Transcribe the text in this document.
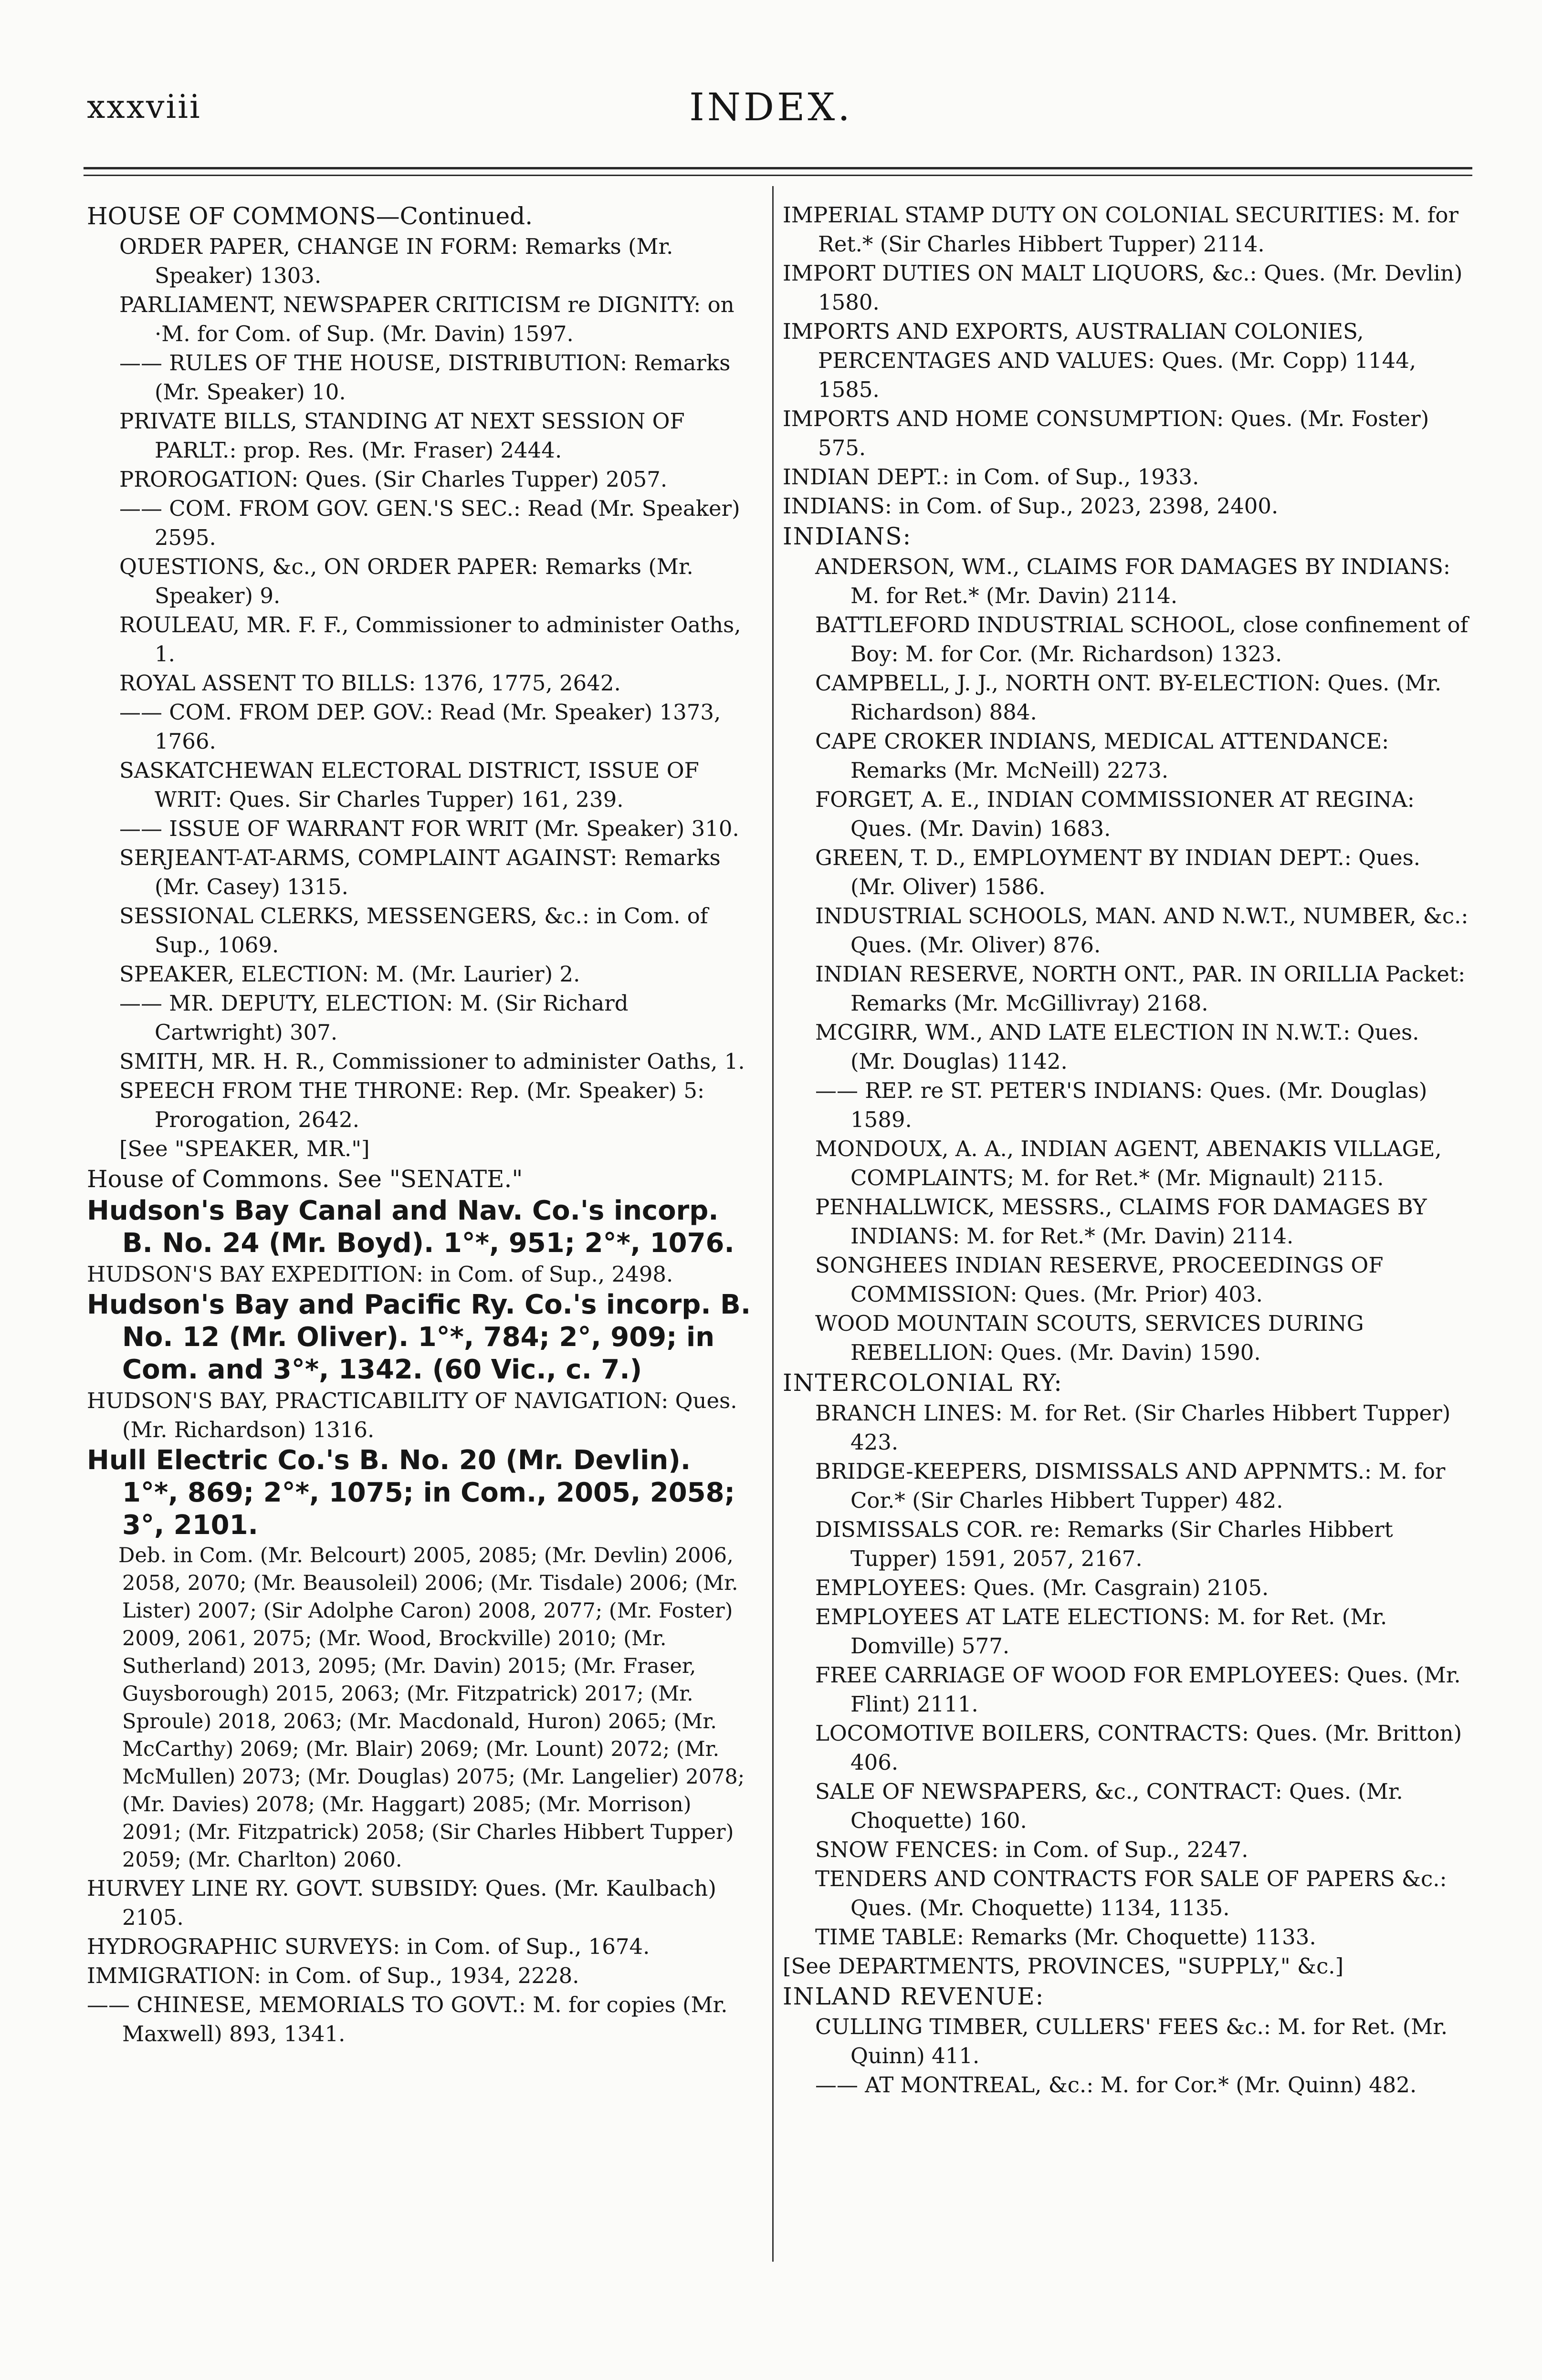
xxxviii	INDEX.
HOUSE OF COMMONS—Continued.
ORDER PAPER, CHANGE IN FORM: Remarks (Mr. Speaker) 1303.
PARLIAMENT, NEWSPAPER CRITICISM re DIGNITY: on ·M. for Com. of Sup. (Mr. Davin) 1597.
—— RULES OF THE HOUSE, DISTRIBUTION: Remarks (Mr. Speaker) 10.
PRIVATE BILLS, STANDING AT NEXT SESSION OF PARLT.: prop. Res. (Mr. Fraser) 2444.
PROROGATION: Ques. (Sir Charles Tupper) 2057.
—— COM. FROM GOV. GEN.'S SEC.: Read (Mr. Speaker) 2595.
QUESTIONS, &c., ON ORDER PAPER: Remarks (Mr. Speaker) 9.
ROULEAU, MR. F. F., Commissioner to administer Oaths, 1.
ROYAL ASSENT TO BILLS: 1376, 1775, 2642.
—— COM. FROM DEP. GOV.: Read (Mr. Speaker) 1373, 1766.
SASKATCHEWAN ELECTORAL DISTRICT, ISSUE OF WRIT: Ques. Sir Charles Tupper) 161, 239.
—— ISSUE OF WARRANT FOR WRIT (Mr. Speaker) 310.
SERJEANT-AT-ARMS, COMPLAINT AGAINST: Remarks (Mr. Casey) 1315.
SESSIONAL CLERKS, MESSENGERS, &c.: in Com. of Sup., 1069.
SPEAKER, ELECTION: M. (Mr. Laurier) 2.
—— MR. DEPUTY, ELECTION: M. (Sir Richard Cartwright) 307.
SMITH, MR. H. R., Commissioner to administer Oaths, 1.
SPEECH FROM THE THRONE: Rep. (Mr. Speaker) 5: Prorogation, 2642.
[See "SPEAKER, MR."]
House of Commons. See "SENATE."
Hudson's Bay Canal and Nav. Co.'s incorp. B. No. 24 (Mr. Boyd). 1°*, 951; 2°*, 1076.
HUDSON'S BAY EXPEDITION: in Com. of Sup., 2498.
Hudson's Bay and Pacific Ry. Co.'s incorp. B. No. 12 (Mr. Oliver). 1°*, 784; 2°, 909; in Com. and 3°*, 1342. (60 Vic., c. 7.)
HUDSON'S BAY, PRACTICABILITY OF NAVIGATION: Ques. (Mr. Richardson) 1316.
Hull Electric Co.'s B. No. 20 (Mr. Devlin). 1°*, 869; 2°*, 1075; in Com., 2005, 2058; 3°, 2101.
Deb. in Com. (Mr. Belcourt) 2005, 2085; (Mr. Devlin) 2006, 2058, 2070; (Mr. Beausoleil) 2006; (Mr. Tisdale) 2006; (Mr. Lister) 2007; (Sir Adolphe Caron) 2008, 2077; (Mr. Foster) 2009, 2061, 2075; (Mr. Wood, Brockville) 2010; (Mr. Sutherland) 2013, 2095; (Mr. Davin) 2015; (Mr. Fraser, Guysborough) 2015, 2063; (Mr. Fitzpatrick) 2017; (Mr. Sproule) 2018, 2063; (Mr. Macdonald, Huron) 2065; (Mr. McCarthy) 2069; (Mr. Blair) 2069; (Mr. Lount) 2072; (Mr. McMullen) 2073; (Mr. Douglas) 2075; (Mr. Langelier) 2078; (Mr. Davies) 2078; (Mr. Haggart) 2085; (Mr. Morrison) 2091; (Mr. Fitzpatrick) 2058; (Sir Charles Hibbert Tupper) 2059; (Mr. Charlton) 2060.
HURVEY LINE RY. GOVT. SUBSIDY: Ques. (Mr. Kaulbach) 2105.
HYDROGRAPHIC SURVEYS: in Com. of Sup., 1674.
IMMIGRATION: in Com. of Sup., 1934, 2228.
—— CHINESE, MEMORIALS TO GOVT.: M. for copies (Mr. Maxwell) 893, 1341.
IMPERIAL STAMP DUTY ON COLONIAL SECURITIES: M. for Ret.* (Sir Charles Hibbert Tupper) 2114.
IMPORT DUTIES ON MALT LIQUORS, &c.: Ques. (Mr. Devlin) 1580.
IMPORTS AND EXPORTS, AUSTRALIAN COLONIES, PERCENTAGES AND VALUES: Ques. (Mr. Copp) 1144, 1585.
IMPORTS AND HOME CONSUMPTION: Ques. (Mr. Foster) 575.
INDIAN DEPT.: in Com. of Sup., 1933.
INDIANS: in Com. of Sup., 2023, 2398, 2400.
INDIANS:
ANDERSON, WM., CLAIMS FOR DAMAGES BY INDIANS: M. for Ret.* (Mr. Davin) 2114.
BATTLEFORD INDUSTRIAL SCHOOL, close confinement of Boy: M. for Cor. (Mr. Richardson) 1323.
CAMPBELL, J. J., NORTH ONT. BY-ELECTION: Ques. (Mr. Richardson) 884.
CAPE CROKER INDIANS, MEDICAL ATTENDANCE: Remarks (Mr. McNeill) 2273.
FORGET, A. E., INDIAN COMMISSIONER AT REGINA: Ques. (Mr. Davin) 1683.
GREEN, T. D., EMPLOYMENT BY INDIAN DEPT.: Ques. (Mr. Oliver) 1586.
INDUSTRIAL SCHOOLS, MAN. AND N.W.T., NUMBER, &c.: Ques. (Mr. Oliver) 876.
INDIAN RESERVE, NORTH ONT., PAR. IN ORILLIA Packet: Remarks (Mr. McGillivray) 2168.
MCGIRR, WM., AND LATE ELECTION IN N.W.T.: Ques. (Mr. Douglas) 1142.
—— REP. re ST. PETER'S INDIANS: Ques. (Mr. Douglas) 1589.
MONDOUX, A. A., INDIAN AGENT, ABENAKIS VILLAGE, COMPLAINTS; M. for Ret.* (Mr. Mignault) 2115.
PENHALLWICK, MESSRS., CLAIMS FOR DAMAGES BY INDIANS: M. for Ret.* (Mr. Davin) 2114.
SONGHEES INDIAN RESERVE, PROCEEDINGS OF COMMISSION: Ques. (Mr. Prior) 403.
WOOD MOUNTAIN SCOUTS, SERVICES DURING REBELLION: Ques. (Mr. Davin) 1590.
INTERCOLONIAL RY:
BRANCH LINES: M. for Ret. (Sir Charles Hibbert Tupper) 423.
BRIDGE-KEEPERS, DISMISSALS AND APPNMTS.: M. for Cor.* (Sir Charles Hibbert Tupper) 482.
DISMISSALS COR. re: Remarks (Sir Charles Hibbert Tupper) 1591, 2057, 2167.
EMPLOYEES: Ques. (Mr. Casgrain) 2105.
EMPLOYEES AT LATE ELECTIONS: M. for Ret. (Mr. Domville) 577.
FREE CARRIAGE OF WOOD FOR EMPLOYEES: Ques. (Mr. Flint) 2111.
LOCOMOTIVE BOILERS, CONTRACTS: Ques. (Mr. Britton) 406.
SALE OF NEWSPAPERS, &c., CONTRACT: Ques. (Mr. Choquette) 160.
SNOW FENCES: in Com. of Sup., 2247.
TENDERS AND CONTRACTS FOR SALE OF PAPERS &c.: Ques. (Mr. Choquette) 1134, 1135.
TIME TABLE: Remarks (Mr. Choquette) 1133.
[See DEPARTMENTS, PROVINCES, "SUPPLY," &c.]
INLAND REVENUE:
CULLING TIMBER, CULLERS' FEES &c.: M. for Ret. (Mr. Quinn) 411.
—— AT MONTREAL, &c.: M. for Cor.* (Mr. Quinn) 482.
